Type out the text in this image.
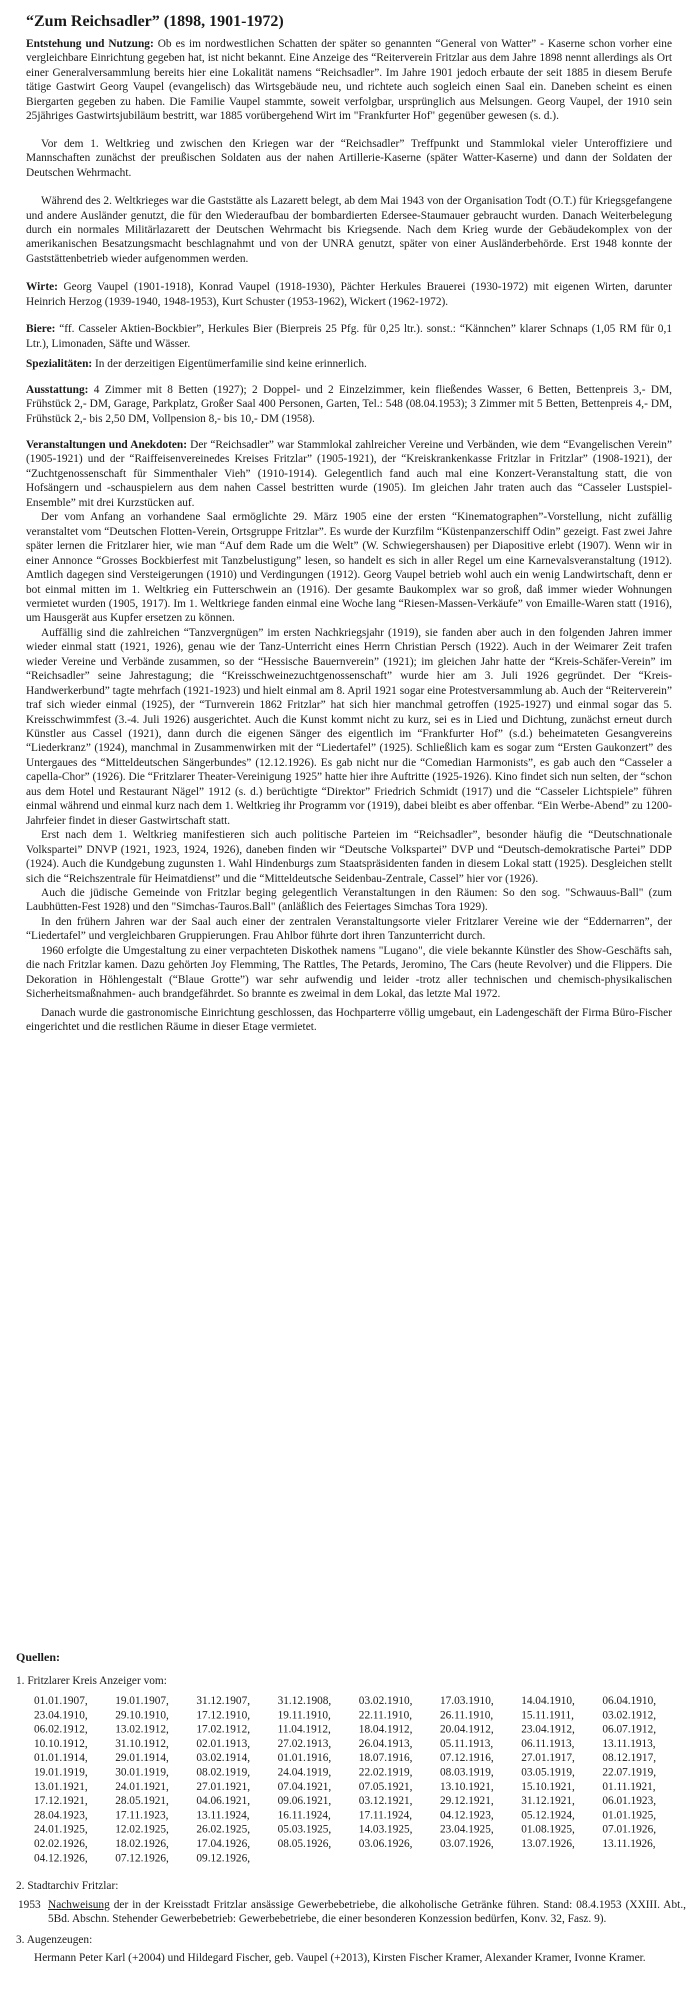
“Zum Reichsadler” (1898, 1901-1972)

Entstehung und Nutzung: Ob es im nordwestlichen Schatten der später so genannten “General von Watter” - Kaserne schon vorher eine vergleichbare Einrichtung gegeben hat, ist nicht bekannt. Eine Anzeige des “Reiterverein Fritzlar aus dem Jahre 1898 nennt allerdings als Ort einer Generalversammlung bereits hier eine Lokalität namens “Reichsadler”. Im Jahre 1901 jedoch erbaute der seit 1885 in diesem Berufe tätige Gastwirt Georg Vaupel (evangelisch) das Wirtsgebäude neu, und richtete auch sogleich einen Saal ein. Daneben scheint es einen Biergarten gegeben zu haben. Die Familie Vaupel stammte, soweit verfolgbar, ursprünglich aus Melsungen. Georg Vaupel, der 1910 sein 25jähriges Gastwirtsjubiläum bestritt, war 1885 vorübergehend Wirt im "Frankfurter Hof" gegenüber gewesen (s. d.).

Vor dem 1. Weltkrieg und zwischen den Kriegen war der “Reichsadler” Treffpunkt und Stammlokal vieler Unteroffiziere und Mannschaften zunächst der preußischen Soldaten aus der nahen Artillerie-Kaserne (später Watter-Kaserne) und dann der Soldaten der Deutschen Wehrmacht.

Während des 2. Weltkrieges war die Gaststätte als Lazarett belegt, ab dem Mai 1943 von der Organisation Todt (O.T.) für Kriegsgefangene und andere Ausländer genutzt, die für den Wiederaufbau der bombardierten Edersee-Staumauer gebraucht wurden. Danach Weiterbelegung durch ein normales Militärlazarett der Deutschen Wehrmacht bis Kriegsende. Nach dem Krieg wurde der Gebäudekomplex von der amerikanischen Besatzungsmacht beschlagnahmt und von der UNRA genutzt, später von einer Ausländerbehörde. Erst 1948 konnte der Gaststättenbetrieb wieder aufgenommen werden.

Wirte: Georg Vaupel (1901-1918), Konrad Vaupel (1918-1930), Pächter Herkules Brauerei (1930-1972) mit eigenen Wirten, darunter Heinrich Herzog (1939-1940, 1948-1953), Kurt Schuster (1953-1962), Wickert (1962-1972).

Biere: “ff. Casseler Aktien-Bockbier”, Herkules Bier (Bierpreis 25 Pfg. für 0,25 ltr.). sonst.: “Kännchen” klarer Schnaps (1,05 RM für 0,1 Ltr.), Limonaden, Säfte und Wässer.

Spezialitäten: In der derzeitigen Eigentümerfamilie sind keine erinnerlich.

Ausstattung: 4 Zimmer mit 8 Betten (1927); 2 Doppel- und 2 Einzelzimmer, kein fließendes Wasser, 6 Betten, Bettenpreis 3,- DM, Frühstück 2,- DM, Garage, Parkplatz, Großer Saal 400 Personen, Garten, Tel.: 548 (08.04.1953); 3 Zimmer mit 5 Betten, Bettenpreis 4,- DM, Frühstück 2,- bis 2,50 DM, Vollpension 8,- bis 10,- DM (1958).

Veranstaltungen und Anekdoten: Der “Reichsadler” war Stammlokal zahlreicher Vereine und Verbänden, wie dem “Evangelischen Verein” (1905-1921) und der “Raiffeisenvereinedes Kreises Fritzlar” (1905-1921), der “Kreiskrankenkasse Fritzlar in Fritzlar” (1908-1921), der “Zuchtgenossenschaft für Simmenthaler Vieh” (1910-1914). Gelegentlich fand auch mal eine Konzert-Veranstaltung statt, die von Hofsängern und -schauspielern aus dem nahen Cassel bestritten wurde (1905). Im gleichen Jahr traten auch das “Casseler Lustspiel-Ensemble” mit drei Kurzstücken auf.

Der vom Anfang an vorhandene Saal ermöglichte 29. März 1905 eine der ersten “Kinematographen”-Vorstellung, nicht zufällig veranstaltet vom “Deutschen Flotten-Verein, Ortsgruppe Fritzlar”. Es wurde der Kurzfilm “Küstenpanzerschiff Odin” gezeigt. Fast zwei Jahre später lernen die Fritzlarer hier, wie man “Auf dem Rade um die Welt” (W. Schwiegershausen) per Diapositive erlebt (1907). Wenn wir in einer Annonce “Grosses Bockbierfest mit Tanzbelustigung” lesen, so handelt es sich in aller Regel um eine Karnevalsveranstaltung (1912). Amtlich dagegen sind Versteigerungen (1910) und Verdingungen (1912). Georg Vaupel betrieb wohl auch ein wenig Landwirtschaft, denn er bot einmal mitten im 1. Weltkrieg ein Futterschwein an (1916). Der gesamte Baukomplex war so groß, daß immer wieder Wohnungen vermietet wurden (1905, 1917). Im 1. Weltkriege fanden einmal eine Woche lang “Riesen-Massen-Verkäufe” von Emaille-Waren statt (1916), um Hausgerät aus Kupfer ersetzen zu können.

Auffällig sind die zahlreichen “Tanzvergnügen” im ersten Nachkriegsjahr (1919), sie fanden aber auch in den folgenden Jahren immer wieder einmal statt (1921, 1926), genau wie der Tanz-Unterricht eines Herrn Christian Persch (1922). Auch in der Weimarer Zeit trafen wieder Vereine und Verbände zusammen, so der “Hessische Bauernverein” (1921); im gleichen Jahr hatte der “Kreis-Schäfer-Verein” im “Reichsadler” seine Jahrestagung; die “Kreisschweinezuchtgenossenschaft” wurde hier am 3. Juli 1926 gegründet. Der “Kreis-Handwerkerbund” tagte mehrfach (1921-1923) und hielt einmal am 8. April 1921 sogar eine Protestversammlung ab. Auch der “Reiterverein” traf sich wieder einmal (1925), der “Turnverein 1862 Fritzlar” hat sich hier manchmal getroffen (1925-1927) und einmal sogar das 5. Kreisschwimmfest (3.-4. Juli 1926) ausgerichtet. Auch die Kunst kommt nicht zu kurz, sei es in Lied und Dichtung, zunächst erneut durch Künstler aus Cassel (1921), dann durch die eigenen Sänger des eigentlich im “Frankfurter Hof” (s.d.) beheimateten Gesangvereins “Liederkranz” (1924), manchmal in Zusammenwirken mit der “Liedertafel” (1925). Schließlich kam es sogar zum “Ersten Gaukonzert” des Untergaues des “Mitteldeutschen Sängerbundes” (12.12.1926). Es gab nicht nur die “Comedian Harmonists”, es gab auch den “Casseler a capella-Chor” (1926). Die “Fritzlarer Theater-Vereinigung 1925” hatte hier ihre Auftritte (1925-1926). Kino findet sich nun selten, der “schon aus dem Hotel und Restaurant Nägel” 1912 (s. d.) berüchtigte “Direktor” Friedrich Schmidt (1917) und die “Casseler Lichtspiele” führen einmal während und einmal kurz nach dem 1. Weltkrieg ihr Programm vor (1919), dabei bleibt es aber offenbar. “Ein Werbe-Abend” zu 1200-Jahrfeier findet in dieser Gastwirtschaft statt.

Erst nach dem 1. Weltkrieg manifestieren sich auch politische Parteien im “Reichsadler”, besonder häufig die “Deutschnationale Volkspartei” DNVP (1921, 1923, 1924, 1926), daneben finden wir “Deutsche Volkspartei” DVP und “Deutsch-demokratische Partei” DDP (1924). Auch die Kundgebung zugunsten 1. Wahl Hindenburgs zum Staatspräsidenten fanden in diesem Lokal statt (1925). Desgleichen stellt sich die “Reichszentrale für Heimatdienst” und die “Mitteldeutsche Seidenbau-Zentrale, Cassel” hier vor (1926).

Auch die jüdische Gemeinde von Fritzlar beging gelegentlich Veranstaltungen in den Räumen: So den sog. "Schwauus-Ball" (zum Laubhütten-Fest 1928) und den "Simchas-Tauros.Ball" (anläßlich des Feiertages Simchas Tora 1929).

In den frühern Jahren war der Saal auch einer der zentralen Veranstaltungsorte vieler Fritzlarer Vereine wie der “Eddernarren”, der “Liedertafel” und vergleichbaren Gruppierungen. Frau Ahlbor führte dort ihren Tanzunterricht durch.

1960 erfolgte die Umgestaltung zu einer verpachteten Diskothek namens "Lugano", die viele bekannte Künstler des Show-Geschäfts sah, die nach Fritzlar kamen. Dazu gehörten Joy Flemming, The Rattles, The Petards, Jeromino, The Cars (heute Revolver) und die Flippers. Die Dekoration in Höhlengestalt (“Blaue Grotte”) war sehr aufwendig und leider -trotz aller technischen und chemisch-physikalischen Sicherheitsmaßnahmen- auch brandgefährdet. So brannte es zweimal in dem Lokal, das letzte Mal 1972.

Danach wurde die gastronomische Einrichtung geschlossen, das Hochparterre völlig umgebaut, ein Ladengeschäft der Firma Büro-Fischer eingerichtet und die restlichen Räume in dieser Etage vermietet.

Quellen:
1. Fritzlarer Kreis Anzeiger vom:
01.01.1907, 19.01.1907, 31.12.1907, 31.12.1908, 03.02.1910, 17.03.1910, 14.04.1910, 06.04.1910,
23.04.1910, 29.10.1910, 17.12.1910, 19.11.1910, 22.11.1910, 26.11.1910, 15.11.1911,	03.02.1912,
06.02.1912, 13.02.1912, 17.02.1912, 11.04.1912, 18.04.1912, 20.04.1912, 23.04.1912, 06.07.1912,
10.10.1912, 31.10.1912, 02.01.1913, 27.02.1913, 26.04.1913, 05.11.1913, 06.11.1913, 13.11.1913,
01.01.1914, 29.01.1914, 03.02.1914, 01.01.1916, 18.07.1916, 07.12.1916, 27.01.1917, 08.12.1917,
19.01.1919, 30.01.1919, 08.02.1919, 24.04.1919, 22.02.1919, 08.03.1919, 03.05.1919, 22.07.1919,
13.01.1921, 24.01.1921, 27.01.1921, 07.04.1921, 07.05.1921, 13.10.1921, 15.10.1921, 01.11.1921,
17.12.1921, 28.05.1921, 04.06.1921, 09.06.1921, 03.12.1921, 29.12.1921, 31.12.1921, 06.01.1923,
28.04.1923, 17.11.1923, 13.11.1924, 16.11.1924, 17.11.1924, 04.12.1923, 05.12.1924, 01.01.1925,
24.01.1925, 12.02.1925, 26.02.1925, 05.03.1925, 14.03.1925, 23.04.1925, 01.08.1925, 07.01.1926,
02.02.1926, 18.02.1926, 17.04.1926, 08.05.1926, 03.06.1926, 03.07.1926, 13.07.1926, 13.11.1926,
04.12.1926, 07.12.1926, 09.12.1926,
2. Stadtarchiv Fritzlar:
1953 Nachweisung der in der Kreisstadt Fritzlar ansässige Gewerbebetriebe, die alkoholische Getränke führen. Stand: 08.4.1953 (XXIII. Abt., 5Bd. Abschn. Stehender Gewerbebetrieb: Gewerbebetriebe, die einer besonderen Konzession bedürfen, Konv. 32, Fasz. 9).
3. Augenzeugen:
Hermann Peter Karl (+2004) und Hildegard Fischer, geb. Vaupel (+2013), Kirsten Fischer Kramer, Alexander Kramer, Ivonne Kramer.
